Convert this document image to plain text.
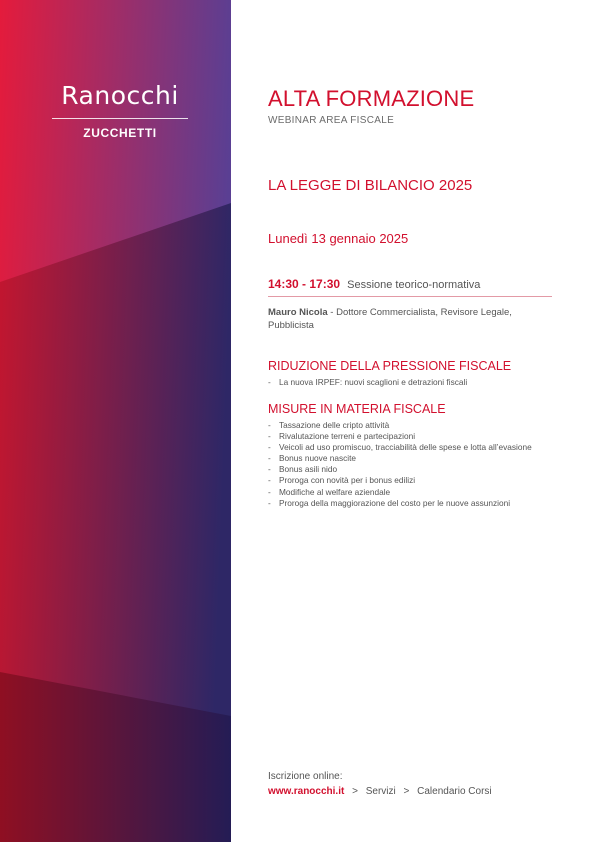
Ranocchi
ZUCCHETTI
ALTA FORMAZIONE
WEBINAR AREA FISCALE
LA LEGGE DI BILANCIO 2025
Lunedì 13 gennaio 2025
14:30 - 17:30 Sessione teorico-normativa
Mauro Nicola - Dottore Commercialista, Revisore Legale, Pubblicista
RIDUZIONE DELLA PRESSIONE FISCALE
- La nuova IRPEF: nuovi scaglioni e detrazioni fiscali
MISURE IN MATERIA FISCALE
- Tassazione delle cripto attività
- Rivalutazione terreni e partecipazioni
- Veicoli ad uso promiscuo, tracciabilità delle spese e lotta all’evasione
- Bonus nuove nascite
- Bonus asili nido
- Proroga con novità per i bonus edilizi
- Modifiche al welfare aziendale
- Proroga della maggiorazione del costo per le nuove assunzioni
Iscrizione online:
www.ranocchi.it > Servizi > Calendario Corsi
